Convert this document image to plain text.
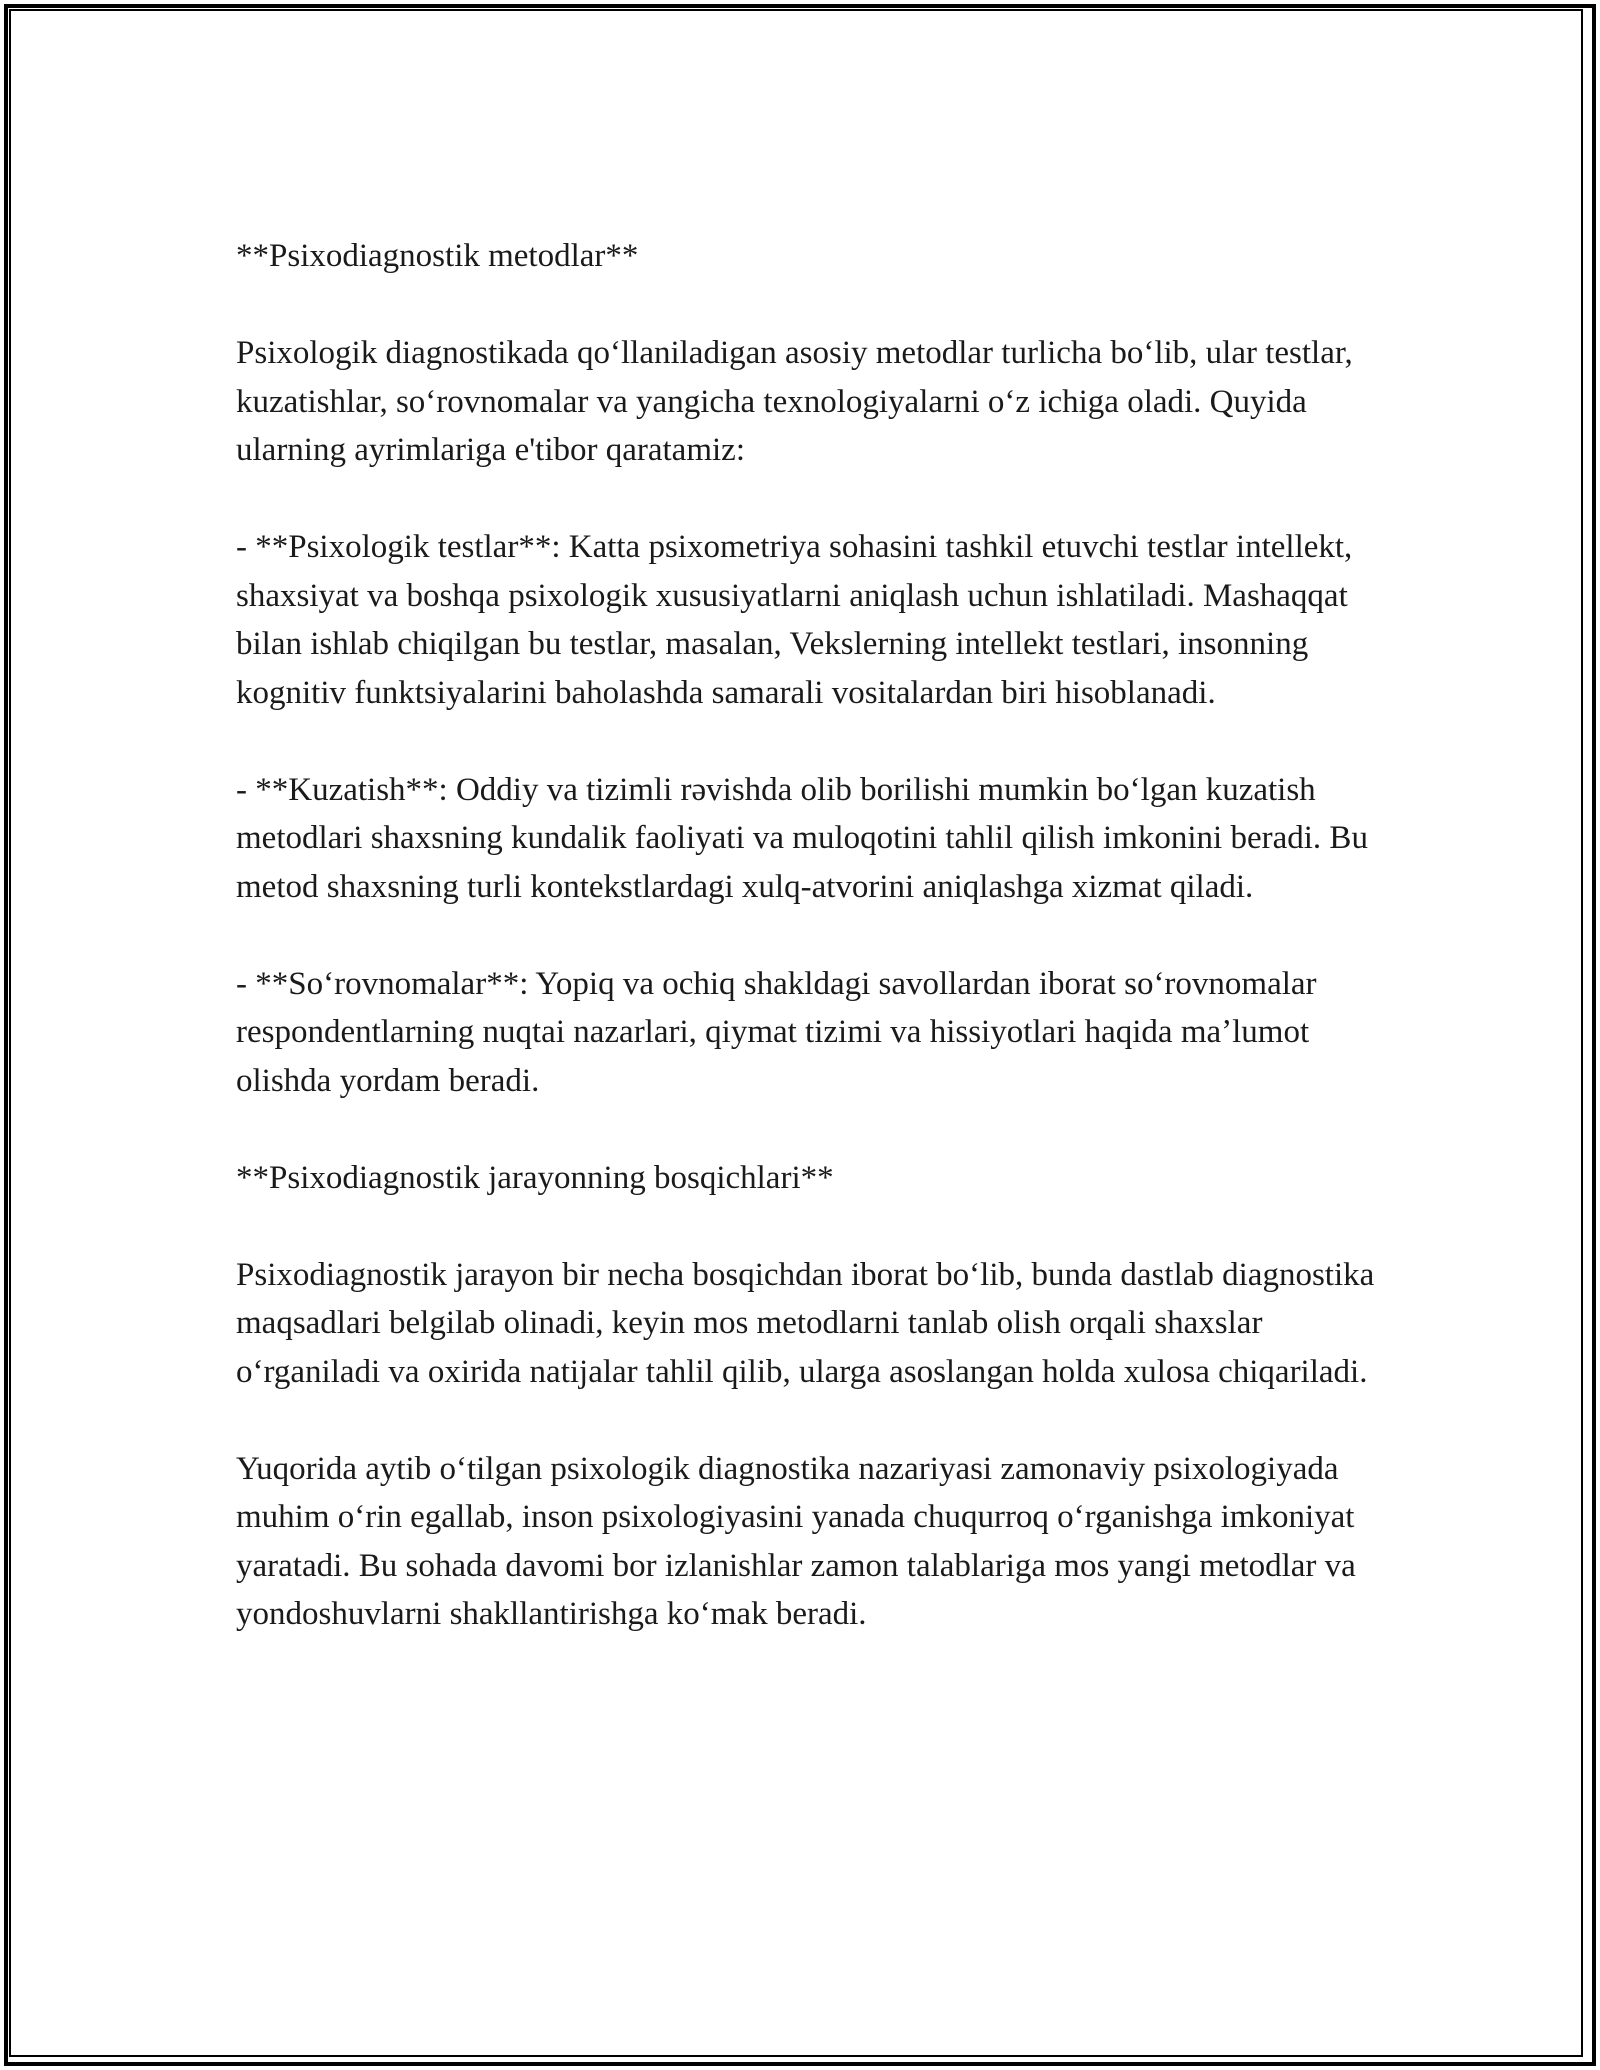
**Psixodiagnostik metodlar**

Psixologik diagnostikada qoʻllaniladigan asosiy metodlar turlicha boʻlib, ular testlar, kuzatishlar, soʻrovnomalar va yangicha texnologiyalarni oʻz ichiga oladi. Quyida ularning ayrimlariga e'tibor qaratamiz:

- **Psixologik testlar**: Katta psixometriya sohasini tashkil etuvchi testlar intellekt, shaxsiyat va boshqa psixologik xususiyatlarni aniqlash uchun ishlatiladi. Mashaqqat bilan ishlab chiqilgan bu testlar, masalan, Vekslerning intellekt testlari, insonning kognitiv funktsiyalarini baholashda samarali vositalardan biri hisoblanadi.

- **Kuzatish**: Oddiy va tizimli rəvishda olib borilishi mumkin boʻlgan kuzatish metodlari shaxsning kundalik faoliyati va muloqotini tahlil qilish imkonini beradi. Bu metod shaxsning turli kontekstlardagi xulq-atvorini aniqlashga xizmat qiladi.

- **Soʻrovnomalar**: Yopiq va ochiq shakldagi savollardan iborat soʻrovnomalar respondentlarning nuqtai nazarlari, qiymat tizimi va hissiyotlari haqida maʼlumot olishda yordam beradi.

**Psixodiagnostik jarayonning bosqichlari**

Psixodiagnostik jarayon bir necha bosqichdan iborat boʻlib, bunda dastlab diagnostika maqsadlari belgilab olinadi, keyin mos metodlarni tanlab olish orqali shaxslar oʻrganiladi va oxirida natijalar tahlil qilib, ularga asoslangan holda xulosa chiqariladi.

Yuqorida aytib oʻtilgan psixologik diagnostika nazariyasi zamonaviy psixologiyada muhim oʻrin egallab, inson psixologiyasini yanada chuqurroq oʻrganishga imkoniyat yaratadi. Bu sohada davomi bor izlanishlar zamon talablariga mos yangi metodlar va yondoshuvlarni shakllantirishga koʻmak beradi.
